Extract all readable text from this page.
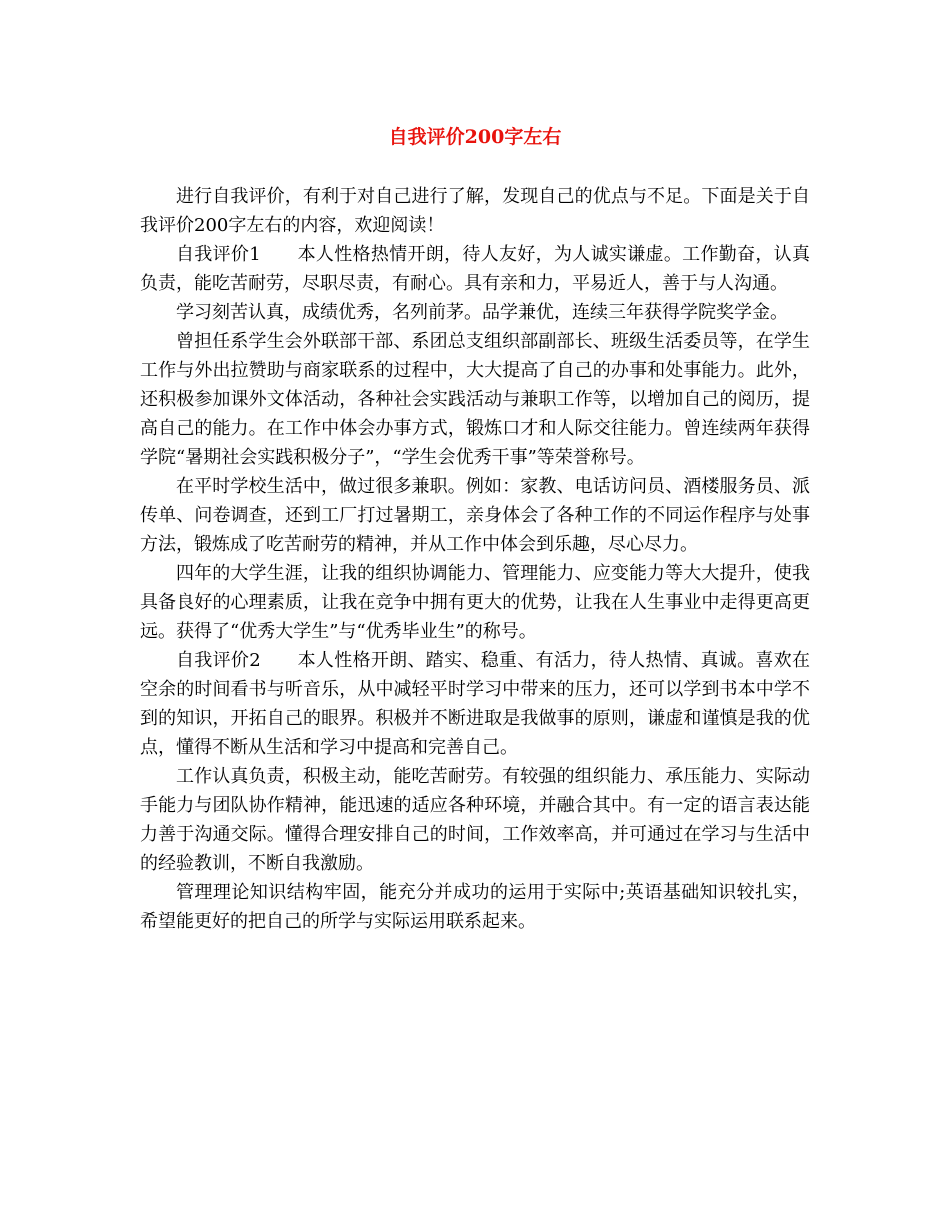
自我评价200字左右

进行自我评价，有利于对自己进行了解，发现自己的优点与不足。下面是关于自我评价200字左右的内容，欢迎阅读！

自我评价1　　本人性格热情开朗，待人友好，为人诚实谦虚。工作勤奋，认真负责，能吃苦耐劳，尽职尽责，有耐心。具有亲和力，平易近人，善于与人沟通。

学习刻苦认真，成绩优秀，名列前茅。品学兼优，连续三年获得学院奖学金。

曾担任系学生会外联部干部、系团总支组织部副部长、班级生活委员等，在学生工作与外出拉赞助与商家联系的过程中，大大提高了自己的办事和处事能力。此外，还积极参加课外文体活动，各种社会实践活动与兼职工作等，以增加自己的阅历，提高自己的能力。在工作中体会办事方式，锻炼口才和人际交往能力。曾连续两年获得学院“暑期社会实践积极分子”，“学生会优秀干事”等荣誉称号。

在平时学校生活中，做过很多兼职。例如：家教、电话访问员、酒楼服务员、派传单、问卷调查，还到工厂打过暑期工，亲身体会了各种工作的不同运作程序与处事方法，锻炼成了吃苦耐劳的精神，并从工作中体会到乐趣，尽心尽力。

四年的大学生涯，让我的组织协调能力、管理能力、应变能力等大大提升，使我具备良好的心理素质，让我在竞争中拥有更大的优势，让我在人生事业中走得更高更远。获得了“优秀大学生”与“优秀毕业生”的称号。

自我评价2　　本人性格开朗、踏实、稳重、有活力，待人热情、真诚。喜欢在空余的时间看书与听音乐，从中减轻平时学习中带来的压力，还可以学到书本中学不到的知识，开拓自己的眼界。积极并不断进取是我做事的原则，谦虚和谨慎是我的优点，懂得不断从生活和学习中提高和完善自己。

工作认真负责，积极主动，能吃苦耐劳。有较强的组织能力、承压能力、实际动手能力与团队协作精神，能迅速的适应各种环境，并融合其中。有一定的语言表达能力善于沟通交际。懂得合理安排自己的时间，工作效率高，并可通过在学习与生活中的经验教训，不断自我激励。

管理理论知识结构牢固，能充分并成功的运用于实际中;英语基础知识较扎实，希望能更好的把自己的所学与实际运用联系起来。
